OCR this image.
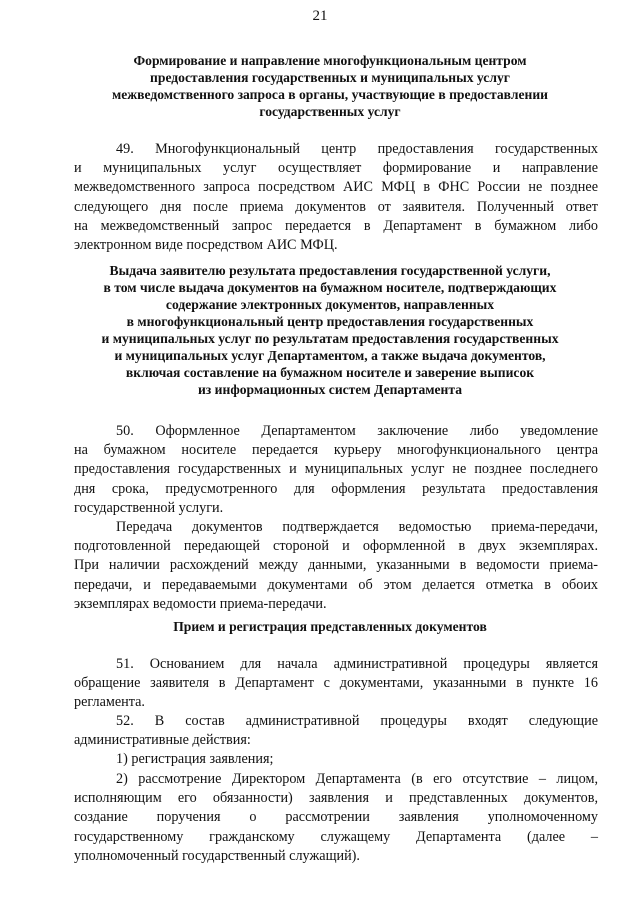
21
Формирование и направление многофункциональным центром
предоставления государственных и муниципальных услуг
межведомственного запроса в органы, участвующие в предоставлении
государственных услуг
49. Многофункциональный центр предоставления государственных
и муниципальных услуг осуществляет формирование и направление
межведомственного запроса посредством АИС МФЦ в ФНС России не позднее
следующего дня после приема документов от заявителя. Полученный ответ
на межведомственный запрос передается в Департамент в бумажном либо
электронном виде посредством АИС МФЦ.
Выдача заявителю результата предоставления государственной услуги,
в том числе выдача документов на бумажном носителе, подтверждающих
содержание электронных документов, направленных
в многофункциональный центр предоставления государственных
и муниципальных услуг по результатам предоставления государственных
и муниципальных услуг Департаментом, а также выдача документов,
включая составление на бумажном носителе и заверение выписок
из информационных систем Департамента
50. Оформленное Департаментом заключение либо уведомление
на бумажном носителе передается курьеру многофункционального центра
предоставления государственных и муниципальных услуг не позднее последнего
дня срока, предусмотренного для оформления результата предоставления
государственной услуги.
Передача документов подтверждается ведомостью приема-передачи,
подготовленной передающей стороной и оформленной в двух экземплярах.
При наличии расхождений между данными, указанными в ведомости приема-
передачи, и передаваемыми документами об этом делается отметка в обоих
экземплярах ведомости приема-передачи.
Прием и регистрация представленных документов
51. Основанием для начала административной процедуры является
обращение заявителя в Департамент с документами, указанными в пункте 16
регламента.
52. В состав административной процедуры входят следующие
административные действия:
1) регистрация заявления;
2) рассмотрение Директором Департамента (в его отсутствие – лицом,
исполняющим его обязанности) заявления и представленных документов,
создание поручения о рассмотрении заявления уполномоченному
государственному гражданскому служащему Департамента (далее –
уполномоченный государственный служащий).
